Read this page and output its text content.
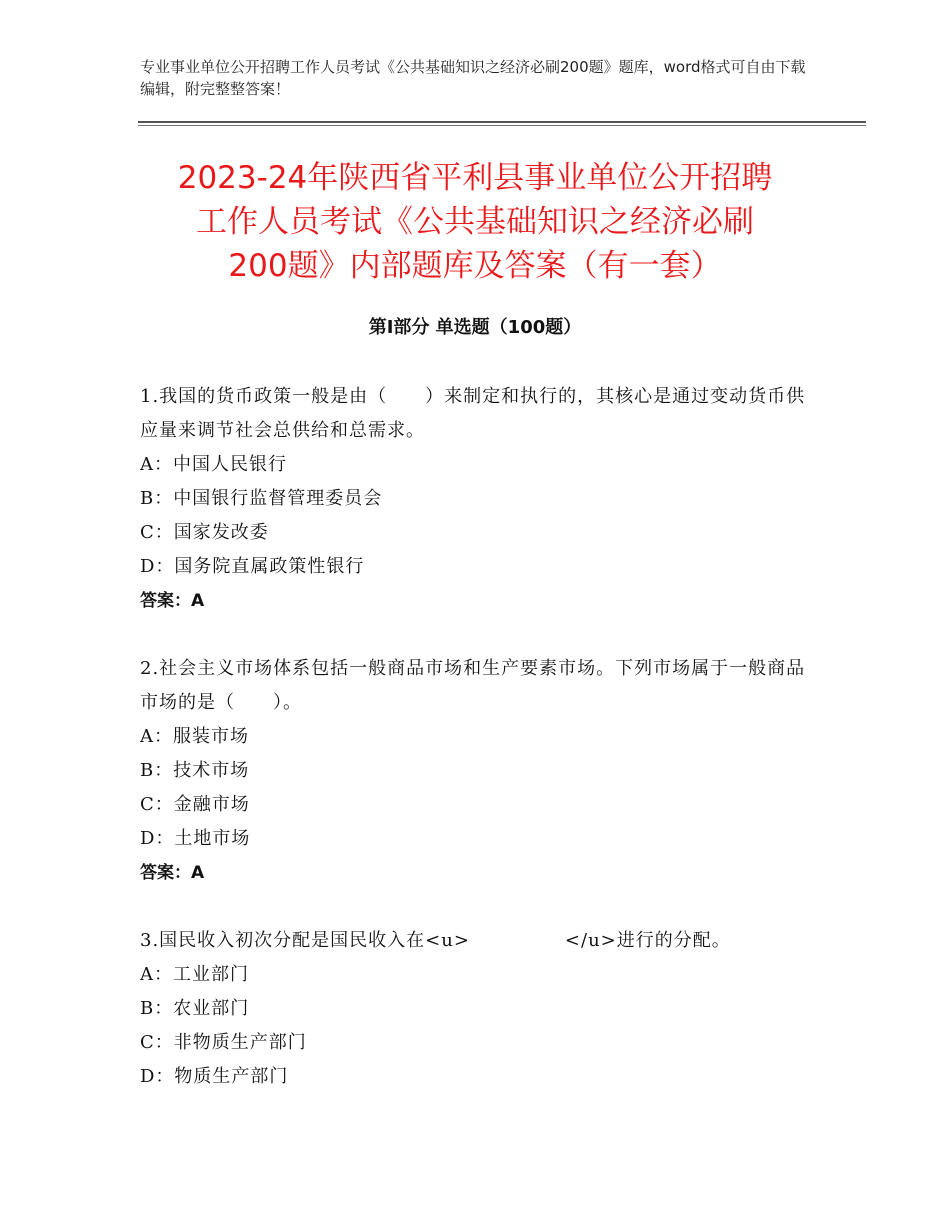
专业事业单位公开招聘工作人员考试《公共基础知识之经济必刷200题》题库，word格式可自由下载编辑，附完整整答案！
2023-24年陕西省平利县事业单位公开招聘
工作人员考试《公共基础知识之经济必刷
200题》内部题库及答案（有一套）
第Ⅰ部分 单选题（100题）
1.我国的货币政策一般是由（　　）来制定和执行的，其核心是通过变动货币供应量来调节社会总供给和总需求。
A：中国人民银行
B：中国银行监督管理委员会
C：国家发改委
D：国务院直属政策性银行
答案：A
2.社会主义市场体系包括一般商品市场和生产要素市场。下列市场属于一般商品市场的是（　　）。
A：服装市场
B：技术市场
C：金融市场
D：土地市场
答案：A
3.国民收入初次分配是国民收入在<u>　　　　　</u>进行的分配。
A：工业部门
B：农业部门
C：非物质生产部门
D：物质生产部门
